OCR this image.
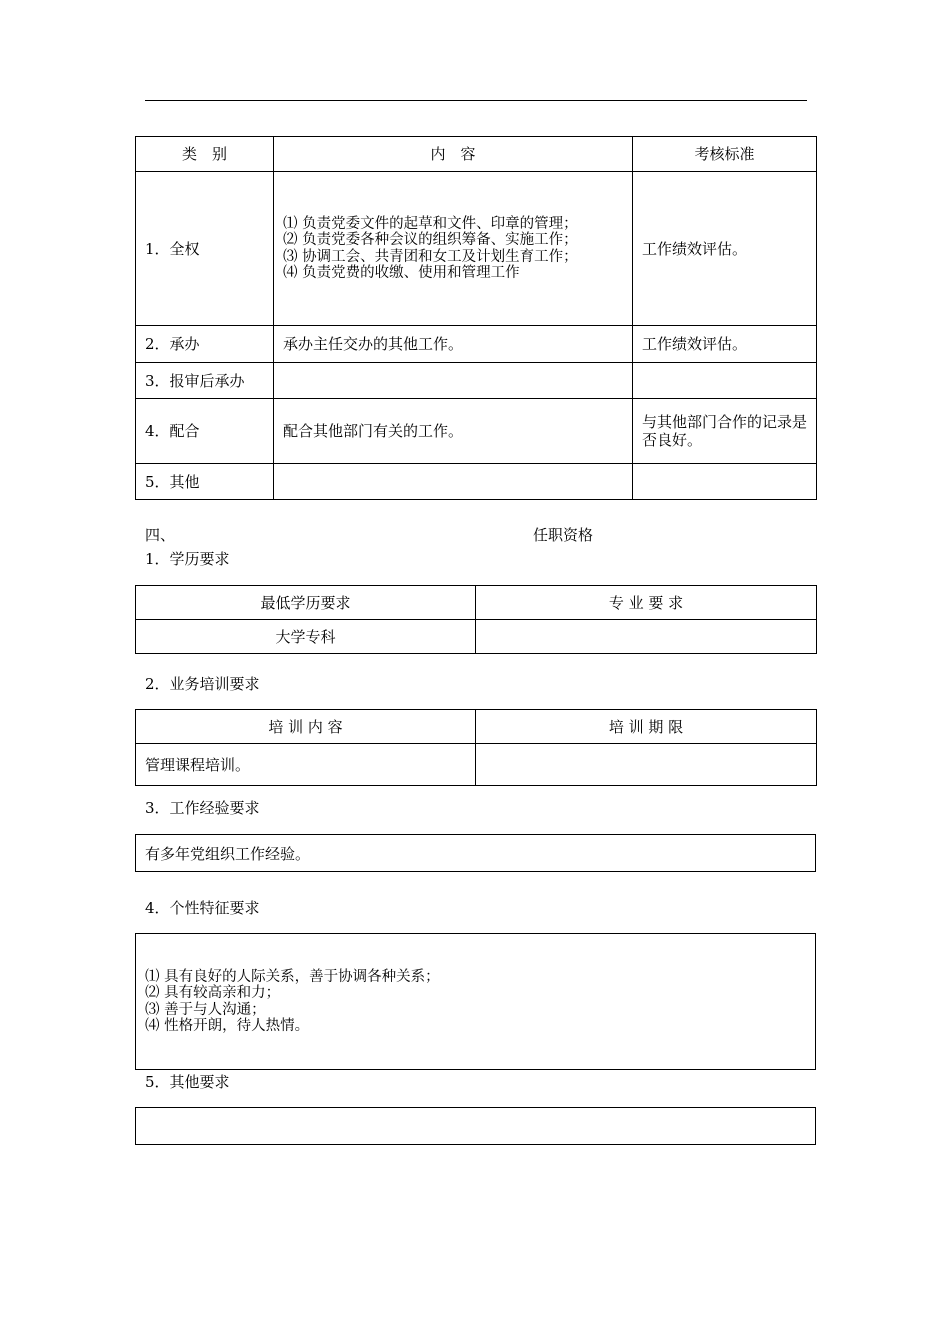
类　别	内　容	考核标准
1．全权	⑴ 负责党委文件的起草和文件、印章的管理；
⑵ 负责党委各种会议的组织筹备、实施工作；
⑶ 协调工会、共青团和女工及计划生育工作；
⑷ 负责党费的收缴、使用和管理工作	工作绩效评估。
2．承办	承办主任交办的其他工作。	工作绩效评估。
3．报审后承办		
4．配合	配合其他部门有关的工作。	与其他部门合作的记录是否良好。
5．其他		
四、	任职资格
1．学历要求
最低学历要求	专 业 要 求
大学专科	
2．业务培训要求
培 训 内 容	培 训 期 限
管理课程培训。	
3．工作经验要求
有多年党组织工作经验。
4．个性特征要求
⑴ 具有良好的人际关系，善于协调各种关系；
⑵ 具有较高亲和力；
⑶ 善于与人沟通；
⑷ 性格开朗，待人热情。
5．其他要求
